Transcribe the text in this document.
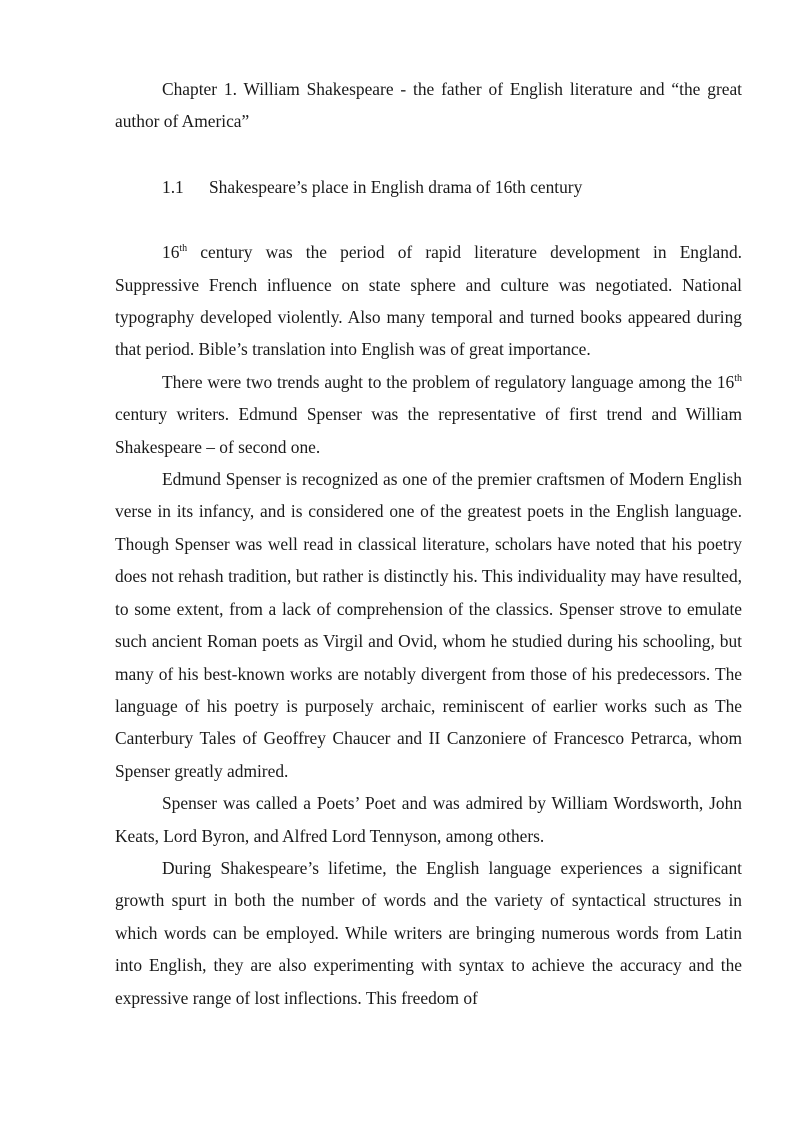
Chapter 1. William Shakespeare - the father of English literature and “the great author of America”

1.1 Shakespeare’s place in English drama of 16th century

16th century was the period of rapid literature development in England. Suppressive French influence on state sphere and culture was negotiated. National typography developed violently. Also many temporal and turned books appeared during that period. Bible’s translation into English was of great importance.

There were two trends aught to the problem of regulatory language among the 16th century writers. Edmund Spenser was the representative of first trend and William Shakespeare – of second one.

Edmund Spenser is recognized as one of the premier craftsmen of Modern English verse in its infancy, and is considered one of the greatest poets in the English language. Though Spenser was well read in classical literature, scholars have noted that his poetry does not rehash tradition, but rather is distinctly his. This individuality may have resulted, to some extent, from a lack of comprehension of the classics. Spenser strove to emulate such ancient Roman poets as Virgil and Ovid, whom he studied during his schooling, but many of his best-known works are notably divergent from those of his predecessors. The language of his poetry is purposely archaic, reminiscent of earlier works such as The Canterbury Tales of Geoffrey Chaucer and II Canzoniere of Francesco Petrarca, whom Spenser greatly admired.

Spenser was called a Poets’ Poet and was admired by William Wordsworth, John Keats, Lord Byron, and Alfred Lord Tennyson, among others.

During Shakespeare’s lifetime, the English language experiences a significant growth spurt in both the number of words and the variety of syntactical structures in which words can be employed. While writers are bringing numerous words from Latin into English, they are also experimenting with syntax to achieve the accuracy and the expressive range of lost inflections. This freedom of
